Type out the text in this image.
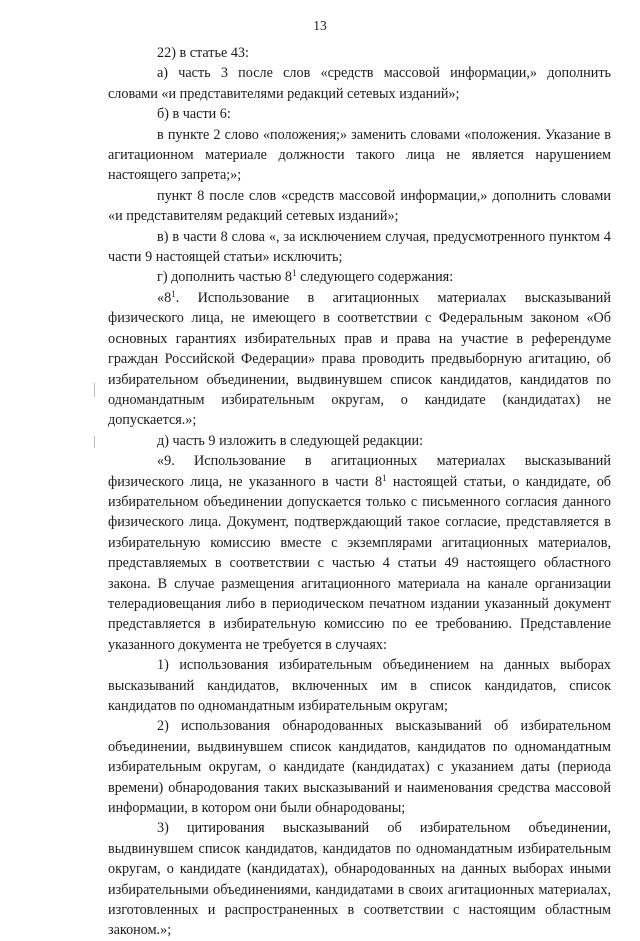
13

22) в статье 43:

а) часть 3 после слов «средств массовой информации,» дополнить словами «и представителями редакций сетевых изданий»;

б) в части 6:

в пункте 2 слово «положения;» заменить словами «положения. Указание в агитационном материале должности такого лица не является нарушением настоящего запрета;»;

пункт 8 после слов «средств массовой информации,» дополнить словами «и представителям редакций сетевых изданий»;

в) в части 8 слова «, за исключением случая, предусмотренного пунктом 4 части 9 настоящей статьи» исключить;

г) дополнить частью $8^1$ следующего содержания:

«$8^1$. Использование в агитационных материалах высказываний физического лица, не имеющего в соответствии с Федеральным законом «Об основных гарантиях избирательных прав и права на участие в референдуме граждан Российской Федерации» права проводить предвыборную агитацию, об избирательном объединении, выдвинувшем список кандидатов, кандидатов по одномандатным избирательным округам, о кандидате (кандидатах) не допускается.»;

д) часть 9 изложить в следующей редакции:

«9. Использование в агитационных материалах высказываний физического лица, не указанного в части $8^1$ настоящей статьи, о кандидате, об избирательном объединении допускается только с письменного согласия данного физического лица. Документ, подтверждающий такое согласие, представляется в избирательную комиссию вместе с экземплярами агитационных материалов, представляемых в соответствии с частью 4 статьи 49 настоящего областного закона. В случае размещения агитационного материала на канале организации телерадиовещания либо в периодическом печатном издании указанный документ представляется в избирательную комиссию по ее требованию. Представление указанного документа не требуется в случаях:

1) использования избирательным объединением на данных выборах высказываний кандидатов, включенных им в список кандидатов, список кандидатов по одномандатным избирательным округам;

2) использования обнародованных высказываний об избирательном объединении, выдвинувшем список кандидатов, кандидатов по одномандатным избирательным округам, о кандидате (кандидатах) с указанием даты (периода времени) обнародования таких высказываний и наименования средства массовой информации, в котором они были обнародованы;

3) цитирования высказываний об избирательном объединении, выдвинувшем список кандидатов, кандидатов по одномандатным избирательным округам, о кандидате (кандидатах), обнародованных на данных выборах иными избирательными объединениями, кандидатами в своих агитационных материалах, изготовленных и распространенных в соответствии с настоящим областным законом.»;
